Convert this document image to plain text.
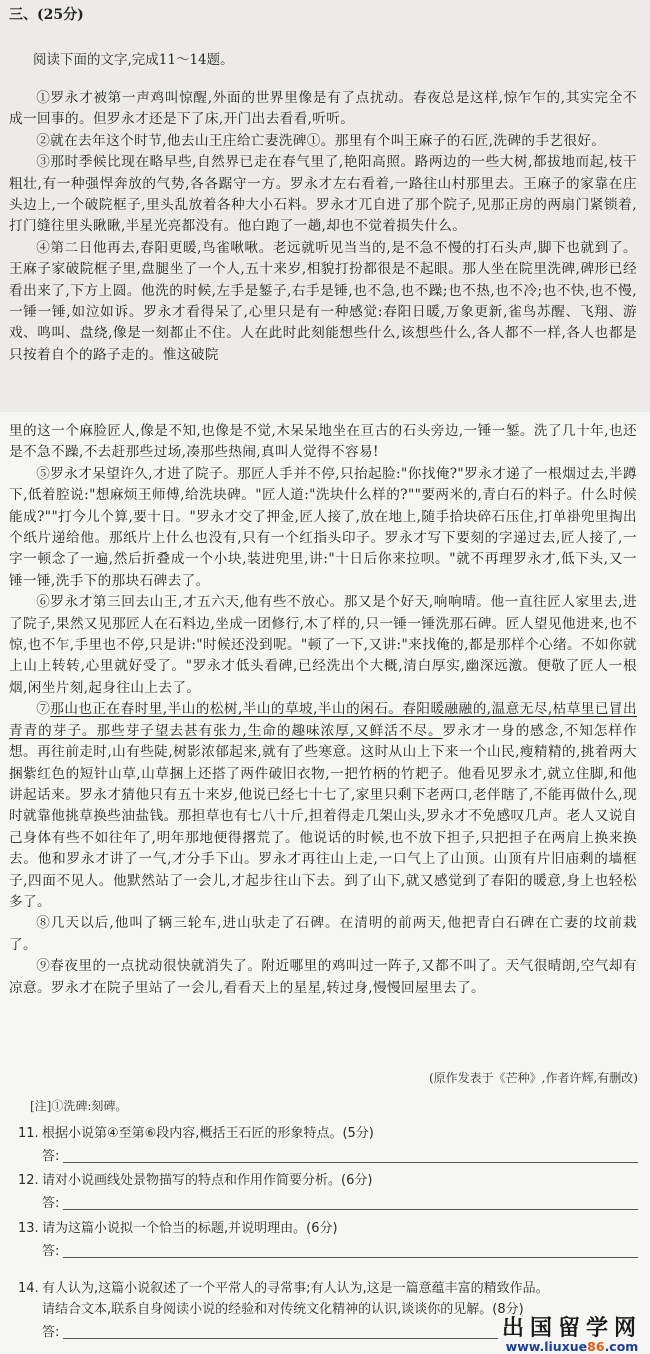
三、(25分)
阅读下面的文字,完成11～14题。

①罗永才被第一声鸡叫惊醒,外面的世界里像是有了点扰动。春夜总是这样,惊乍乍的,其实完全不成一回事的。但罗永才还是下了床,开门出去看看,听听。

②就在去年这个时节,他去山王庄给亡妻洗碑①。那里有个叫王麻子的石匠,洗碑的手艺很好。

③那时季候比现在略早些,自然界已走在春气里了,艳阳高照。路两边的一些大树,都拔地而起,枝干粗壮,有一种强悍奔放的气势,各各踞守一方。罗永才左右看着,一路往山村那里去。王麻子的家靠在庄头边上,一个破院框子,里头乱放着各种大小石料。罗永才兀自进了那个院子,见那正房的两扇门紧锁着,打门缝往里头瞅瞅,半星光亮都没有。他白跑了一趟,却也不觉着损失什么。

④第二日他再去,春阳更暖,鸟雀啾啾。老远就听见当当的,是不急不慢的打石头声,脚下也就到了。王麻子家破院框子里,盘腿坐了一个人,五十来岁,相貌打扮都很是不起眼。那人坐在院里洗碑,碑形已经看出来了,下方上圆。他洗的时候,左手是錾子,右手是锤,也不急,也不躁;也不热,也不冷;也不快,也不慢,一锤一锤,如泣如诉。罗永才看得呆了,心里只是有一种感觉:春阳日暖,万象更新,雀鸟苏醒、飞翔、游戏、鸣叫、盘绕,像是一刻都止不住。人在此时此刻能想些什么,该想些什么,各人都不一样,各人也都是只按着自个的路子走的。惟这破院

里的这一个麻脸匠人,像是不知,也像是不觉,木呆呆地坐在亘古的石头旁边,一锤一錾。洗了几十年,也还是不急不躁,不去赶那些过场,凑那些热闹,真叫人觉得不容易!

⑤罗永才呆望许久,才进了院子。那匠人手并不停,只抬起脸:"你找俺?"罗永才递了一根烟过去,半蹲下,低着腔说:"想麻烦王师傅,给洗块碑。"匠人道:"洗块什么样的?""要两米的,青白石的料子。什么时候能成?""打今儿个算,要十日。"罗永才交了押金,匠人接了,放在地上,随手拾块碎石压住,打单褂兜里掏出个纸片递给他。那纸片上什么也没有,只有一个红指头印子。罗永才写下要刻的字递过去,匠人接了,一字一顿念了一遍,然后折叠成一个小块,装进兜里,讲:"十日后你来拉呗。"就不再理罗永才,低下头,又一锤一锤,洗手下的那块石碑去了。

⑥罗永才第三回去山王,才五六天,他有些不放心。那又是个好天,响响晴。他一直往匠人家里去,进了院子,果然又见那匠人在石料边,坐成一团修行,木了样的,只一锤一锤洗那石碑。匠人望见他进来,也不惊,也不乍,手里也不停,只是讲:"时候还没到呢。"顿了一下,又讲:"来找俺的,都是那样个心绪。不如你就上山上转转,心里就好受了。"罗永才低头看碑,已经洗出个大概,清白厚实,幽深远激。便敬了匠人一根烟,闲坐片刻,起身往山上去了。

⑦那山也正在春时里,半山的松树,半山的草坡,半山的闲石。春阳暖融融的,温意无尽,枯草里已冒出青青的芽子。那些芽子望去甚有张力,生命的趣味浓厚,又鲜活不尽。罗永才一身的感念,不知怎样作想。再往前走时,山有些陡,树影浓郁起来,就有了些寒意。这时从山上下来一个山民,瘦精精的,挑着两大捆紫红色的短针山草,山草捆上还搭了两件破旧衣物,一把竹柄的竹耙子。他看见罗永才,就立住脚,和他讲起话来。罗永才猜他只有五十来岁,他说已经七十七了,家里只剩下老两口,老伴瞎了,不能再做什么,现时就靠他挑草换些油盐钱。那担草也有七八十斤,担着得走几架山头,罗永才不免感叹几声。老人又说自己身体有些不如往年了,明年那地便得撂荒了。他说话的时候,也不放下担子,只把担子在两肩上换来换去。他和罗永才讲了一气,才分手下山。罗永才再往山上走,一口气上了山顶。山顶有片旧庙剩的墙框子,四面不见人。他默然站了一会儿,才起步往山下去。到了山下,就又感觉到了春阳的暖意,身上也轻松多了。

⑧几天以后,他叫了辆三轮车,进山驮走了石碑。在清明的前两天,他把青白石碑在亡妻的坟前栽了。

⑨春夜里的一点扰动很快就消失了。附近哪里的鸡叫过一阵子,又都不叫了。天气很晴朗,空气却有凉意。罗永才在院子里站了一会儿,看看天上的星星,转过身,慢慢回屋里去了。

(原作发表于《芒种》,作者许辉,有删改)
[注]①洗碑:刻碑。
11. 根据小说第④至第⑥段内容,概括王石匠的形象特点。(5分)
答:
12. 请对小说画线处景物描写的特点和作用作简要分析。(6分)
答:
13. 请为这篇小说拟一个恰当的标题,并说明理由。(6分)
答:
14. 有人认为,这篇小说叙述了一个平常人的寻常事;有人认为,这是一篇意蕴丰富的精致作品。
请结合文本,联系自身阅读小说的经验和对传统文化精神的认识,谈谈你的见解。(8分)
答:	出国留学网
www.liuxue86.com
